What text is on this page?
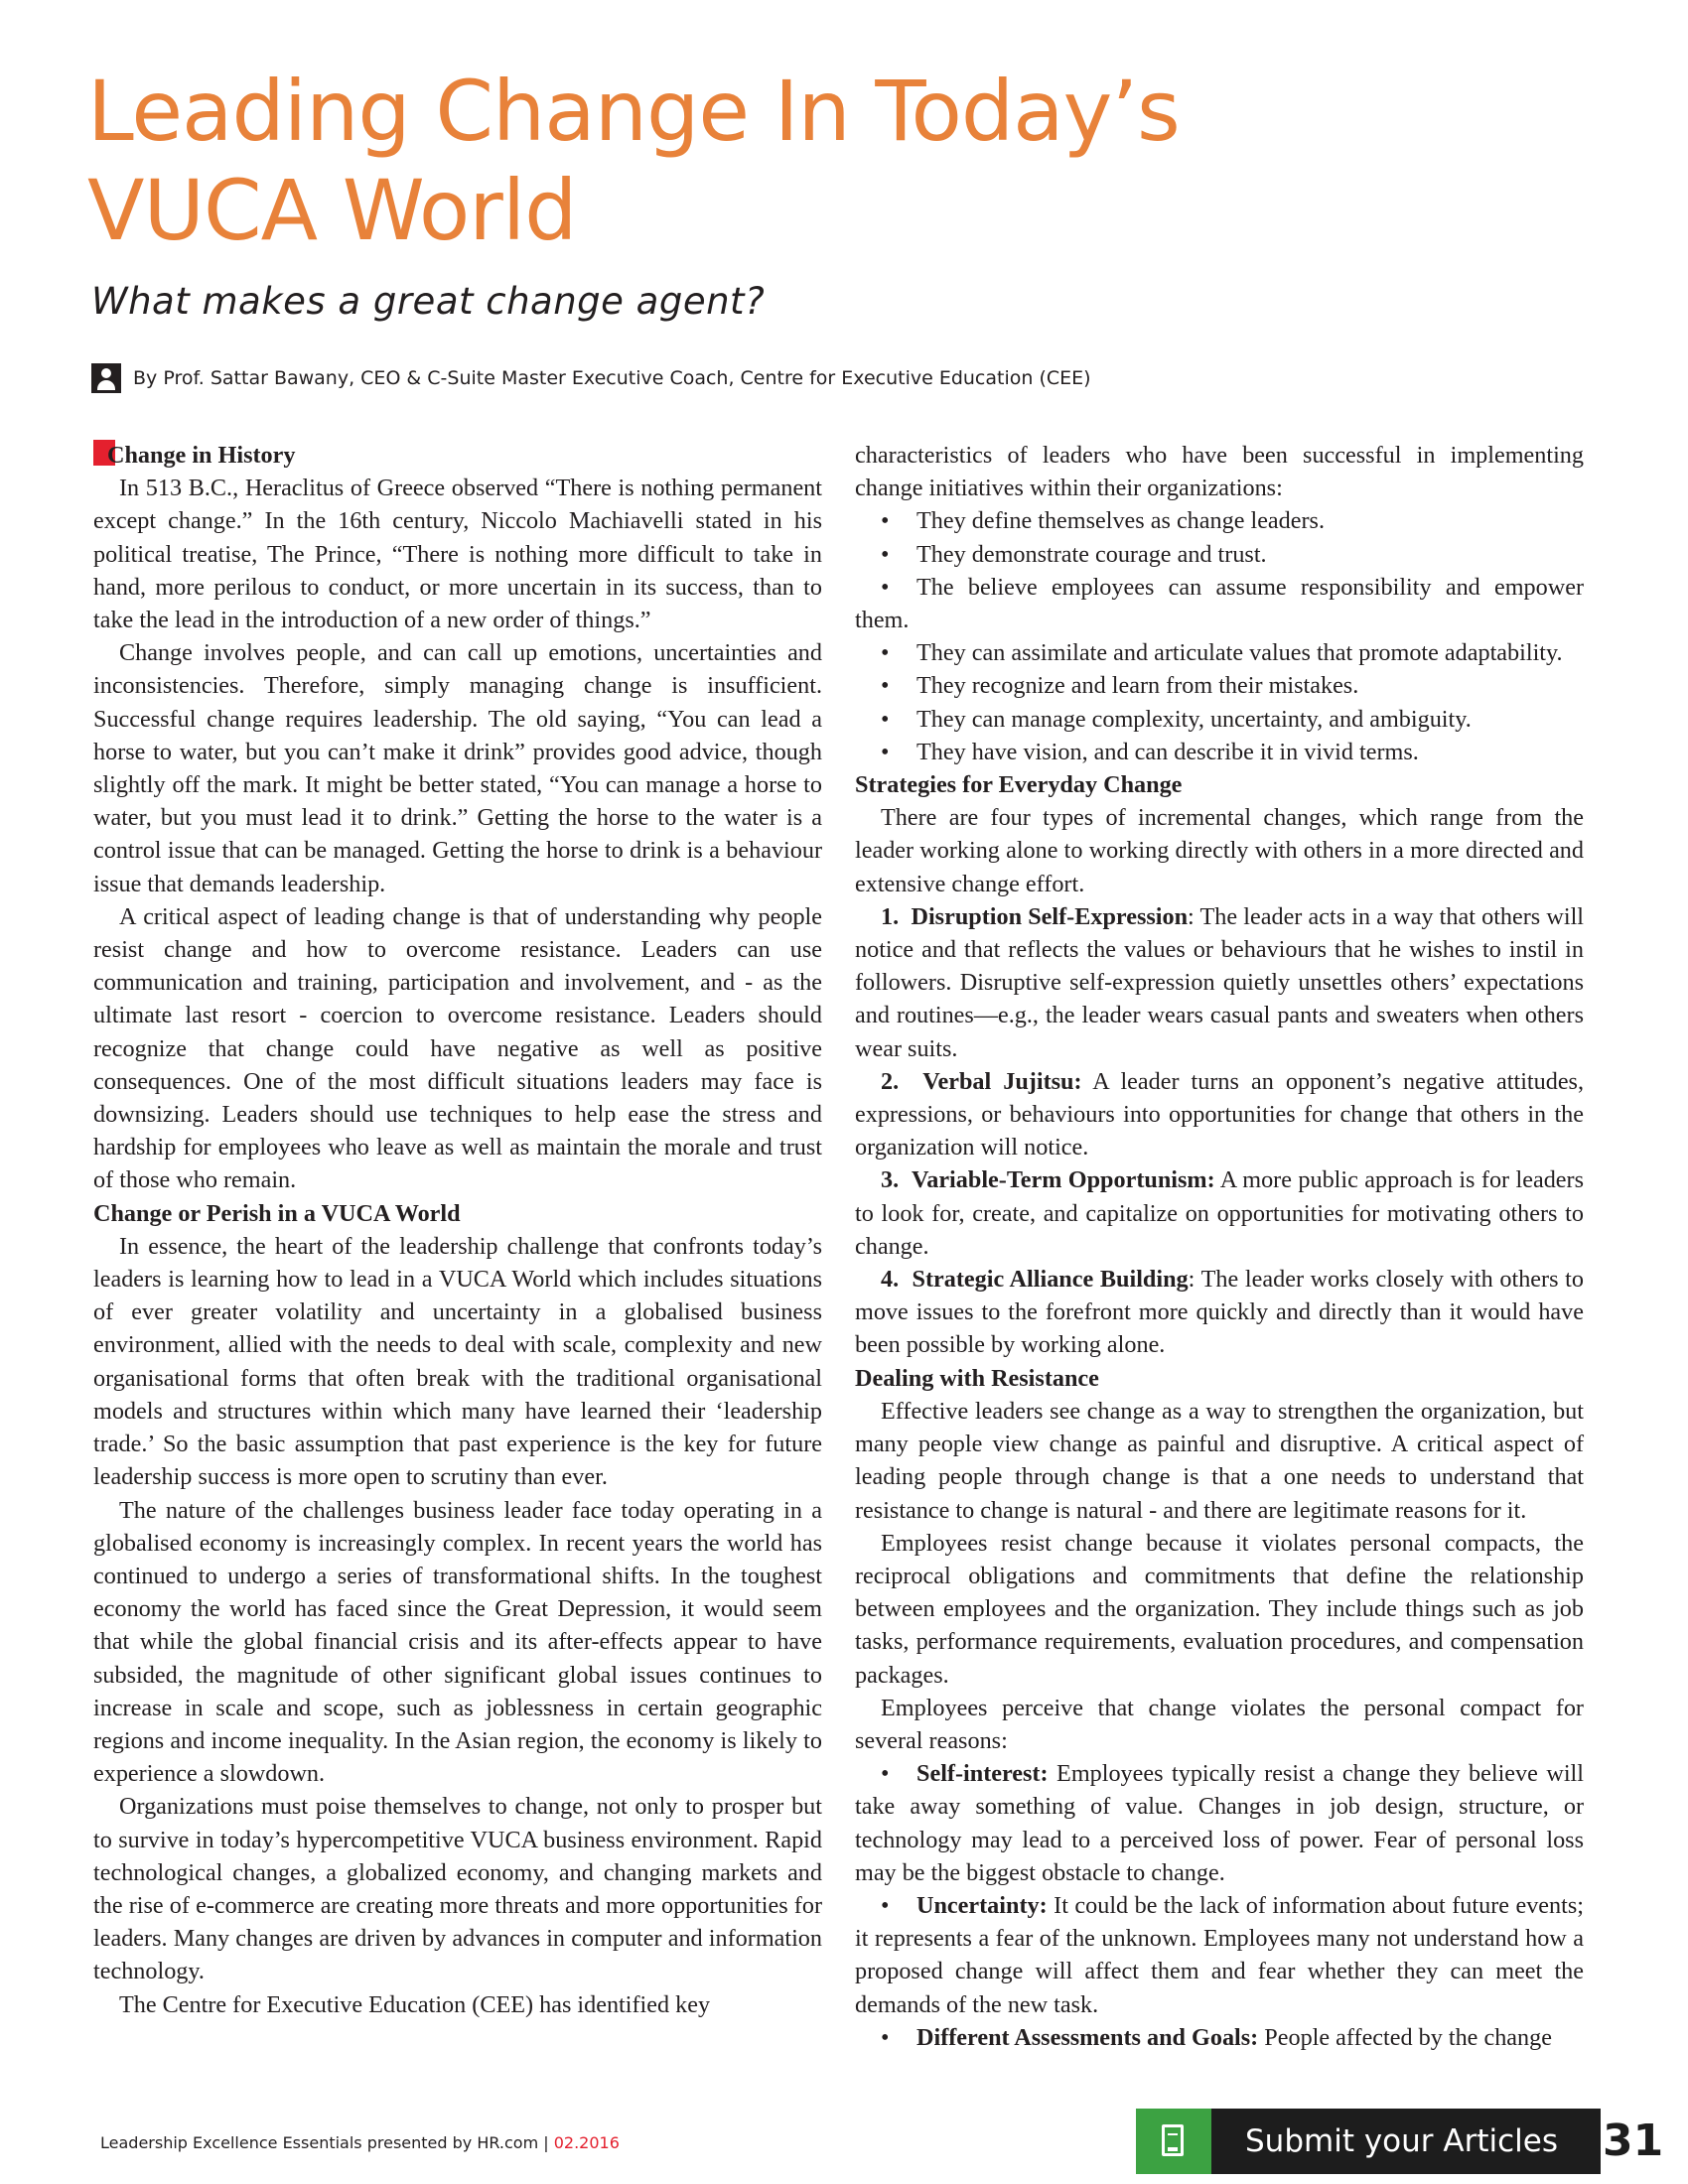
Leading Change In Today’s
VUCA World
What makes a great change agent?
By Prof. Sattar Bawany, CEO & C-Suite Master Executive Coach, Centre for Executive Education (CEE)
Change in History

In 513 B.C., Heraclitus of Greece observed “There is nothing permanent except change.” In the 16th century, Niccolo Machiavelli stated in his political treatise, The Prince, “There is nothing more difficult to take in hand, more perilous to conduct, or more uncertain in its success, than to take the lead in the introduction of a new order of things.”

Change involves people, and can call up emotions, uncertainties and inconsistencies. Therefore, simply managing change is insufficient. Successful change requires leadership. The old saying, “You can lead a horse to water, but you can’t make it drink” provides good advice, though slightly off the mark. It might be better stated, “You can manage a horse to water, but you must lead it to drink.” Getting the horse to the water is a control issue that can be managed. Getting the horse to drink is a behaviour issue that demands leadership.

A critical aspect of leading change is that of understanding why people resist change and how to overcome resistance. Leaders can use communication and training, participation and involvement, and - as the ultimate last resort - coercion to overcome resistance. Leaders should recognize that change could have negative as well as positive consequences. One of the most difficult situations leaders may face is downsizing. Leaders should use techniques to help ease the stress and hardship for employees who leave as well as maintain the morale and trust of those who remain.

Change or Perish in a VUCA World

In essence, the heart of the leadership challenge that confronts today’s leaders is learning how to lead in a VUCA World which includes situations of ever greater volatility and uncertainty in a globalised business environment, allied with the needs to deal with scale, complexity and new organisational forms that often break with the traditional organisational models and structures within which many have learned their ‘leadership trade.’ So the basic assumption that past experience is the key for future leadership success is more open to scrutiny than ever.

The nature of the challenges business leader face today operating in a globalised economy is increasingly complex. In recent years the world has continued to undergo a series of transformational shifts. In the toughest economy the world has faced since the Great Depression, it would seem that while the global financial crisis and its after-effects appear to have subsided, the magnitude of other significant global issues continues to increase in scale and scope, such as joblessness in certain geographic regions and income inequality. In the Asian region, the economy is likely to experience a slowdown.

Organizations must poise themselves to change, not only to prosper but to survive in today’s hypercompetitive VUCA business environment. Rapid technological changes, a globalized economy, and changing markets and the rise of e-commerce are creating more threats and more opportunities for leaders. Many changes are driven by advances in computer and information technology.

The Centre for Executive Education (CEE) has identified key

characteristics of leaders who have been successful in implementing change initiatives within their organizations:

• They define themselves as change leaders.
• They demonstrate courage and trust.
• The believe employees can assume responsibility and empower them.
• They can assimilate and articulate values that promote adaptability.
• They recognize and learn from their mistakes.
• They can manage complexity, uncertainty, and ambiguity.
• They have vision, and can describe it in vivid terms.
Strategies for Everyday Change

There are four types of incremental changes, which range from the leader working alone to working directly with others in a more directed and extensive change effort.

1. Disruption Self-Expression: The leader acts in a way that others will notice and that reflects the values or behaviours that he wishes to instil in followers. Disruptive self-expression quietly unsettles others’ expectations and routines—e.g., the leader wears casual pants and sweaters when others wear suits.

2. Verbal Jujitsu: A leader turns an opponent’s negative attitudes, expressions, or behaviours into opportunities for change that others in the organization will notice.

3. Variable-Term Opportunism: A more public approach is for leaders to look for, create, and capitalize on opportunities for motivating others to change.

4. Strategic Alliance Building: The leader works closely with others to move issues to the forefront more quickly and directly than it would have been possible by working alone.

Dealing with Resistance

Effective leaders see change as a way to strengthen the organization, but many people view change as painful and disruptive. A critical aspect of leading people through change is that a one needs to understand that resistance to change is natural - and there are legitimate reasons for it.

Employees resist change because it violates personal compacts, the reciprocal obligations and commitments that define the relationship between employees and the organization. They include things such as job tasks, performance requirements, evaluation procedures, and compensation packages.

Employees perceive that change violates the personal compact for several reasons:

• Self-interest: Employees typically resist a change they believe will take away something of value. Changes in job design, structure, or technology may lead to a perceived loss of power. Fear of personal loss may be the biggest obstacle to change.
• Uncertainty: It could be the lack of information about future events; it represents a fear of the unknown. Employees many not understand how a proposed change will affect them and fear whether they can meet the demands of the new task.
• Different Assessments and Goals: People affected by the change
Leadership Excellence Essentials presented by HR.com | 02.2016	Submit your Articles	31
